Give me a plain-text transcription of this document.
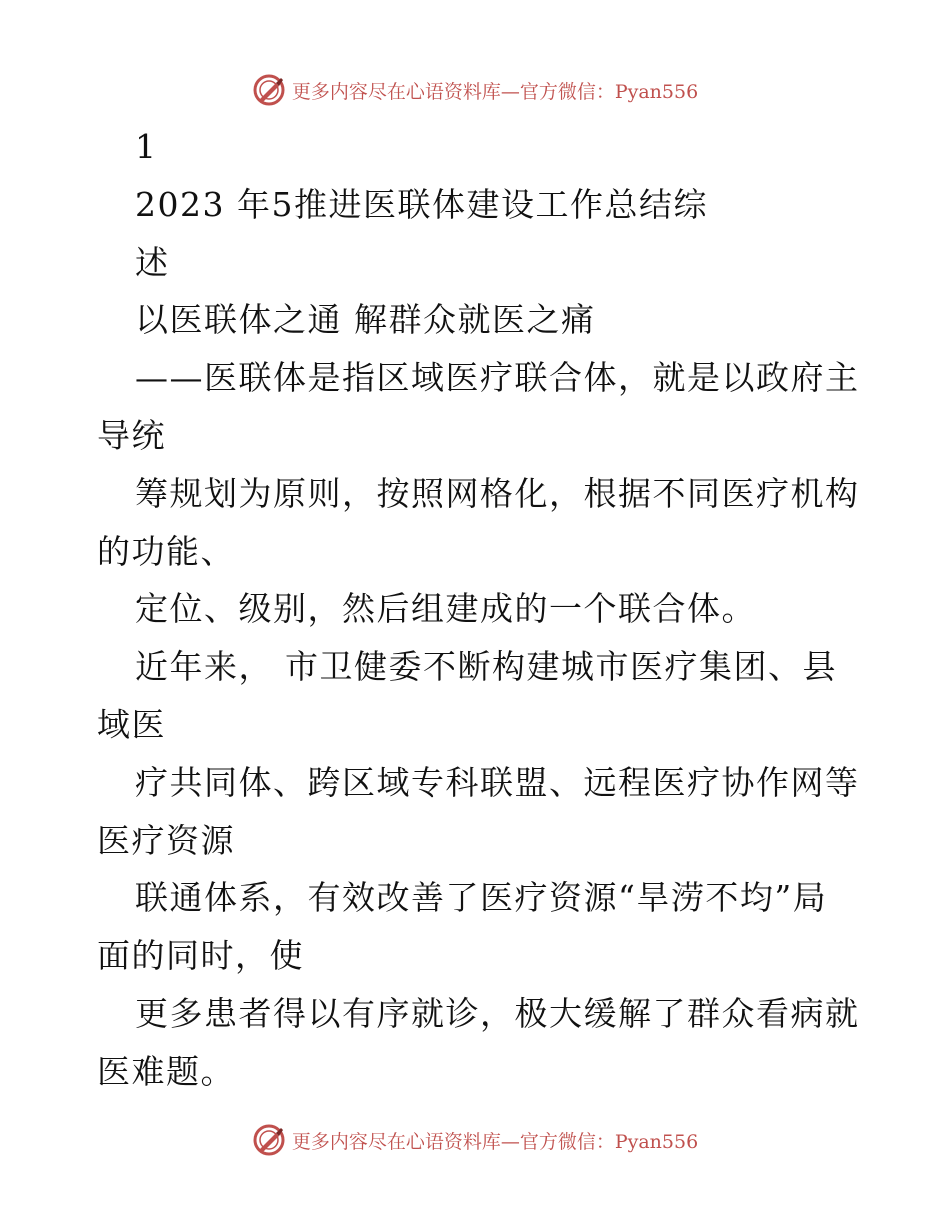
更多内容尽在心语资料库—官方微信：Pyan556
1
2023 年5推进医联体建设工作总结综
述
以医联体之通 解群众就医之痛
——医联体是指区域医疗联合体，就是以政府主
导统
筹规划为原则，按照网格化，根据不同医疗机构
的功能、
定位、级别，然后组建成的一个联合体。
近年来， 市卫健委不断构建城市医疗集团、县
域医
疗共同体、跨区域专科联盟、远程医疗协作网等
医疗资源
联通体系，有效改善了医疗资源“旱涝不均”局
面的同时，使
更多患者得以有序就诊，极大缓解了群众看病就
医难题。
更多内容尽在心语资料库—官方微信：Pyan556
